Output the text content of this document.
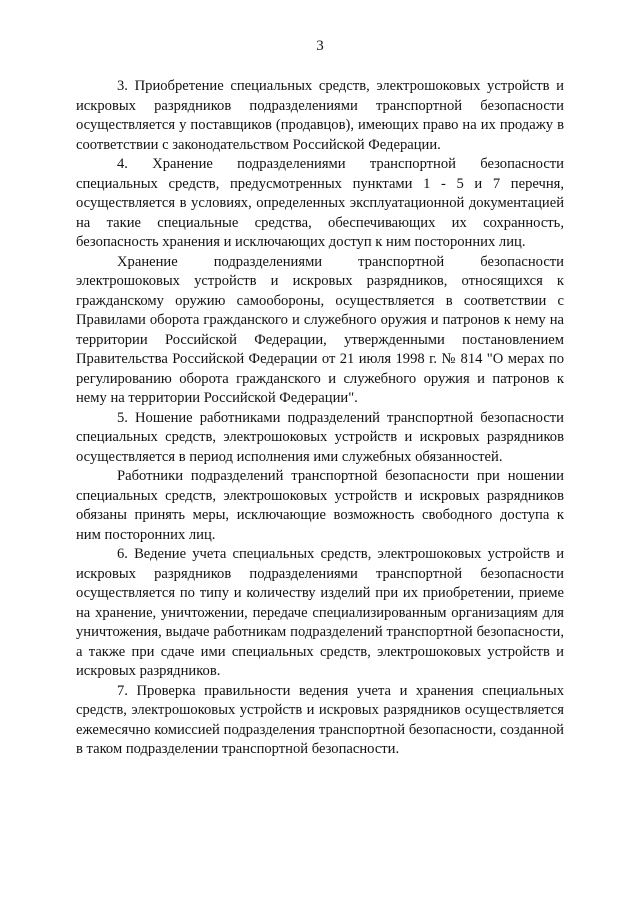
3

3. Приобретение специальных средств, электрошоковых устройств и искровых разрядников подразделениями транспортной безопасности осуществляется у поставщиков (продавцов), имеющих право на их продажу в соответствии с законодательством Российской Федерации.

4. Хранение подразделениями транспортной безопасности специальных средств, предусмотренных пунктами 1 - 5 и 7 перечня, осуществляется в условиях, определенных эксплуатационной документацией на такие специальные средства, обеспечивающих их сохранность, безопасность хранения и исключающих доступ к ним посторонних лиц.

Хранение подразделениями транспортной безопасности электрошоковых устройств и искровых разрядников, относящихся к гражданскому оружию самообороны, осуществляется в соответствии с Правилами оборота гражданского и служебного оружия и патронов к нему на территории Российской Федерации, утвержденными постановлением Правительства Российской Федерации от 21 июля 1998 г. № 814 "О мерах по регулированию оборота гражданского и служебного оружия и патронов к нему на территории Российской Федерации".

5. Ношение работниками подразделений транспортной безопасности специальных средств, электрошоковых устройств и искровых разрядников осуществляется в период исполнения ими служебных обязанностей.

Работники подразделений транспортной безопасности при ношении специальных средств, электрошоковых устройств и искровых разрядников обязаны принять меры, исключающие возможность свободного доступа к ним посторонних лиц.

6. Ведение учета специальных средств, электрошоковых устройств и искровых разрядников подразделениями транспортной безопасности осуществляется по типу и количеству изделий при их приобретении, приеме на хранение, уничтожении, передаче специализированным организациям для уничтожения, выдаче работникам подразделений транспортной безопасности, а также при сдаче ими специальных средств, электрошоковых устройств и искровых разрядников.

7. Проверка правильности ведения учета и хранения специальных средств, электрошоковых устройств и искровых разрядников осуществляется ежемесячно комиссией подразделения транспортной безопасности, созданной в таком подразделении транспортной безопасности.
